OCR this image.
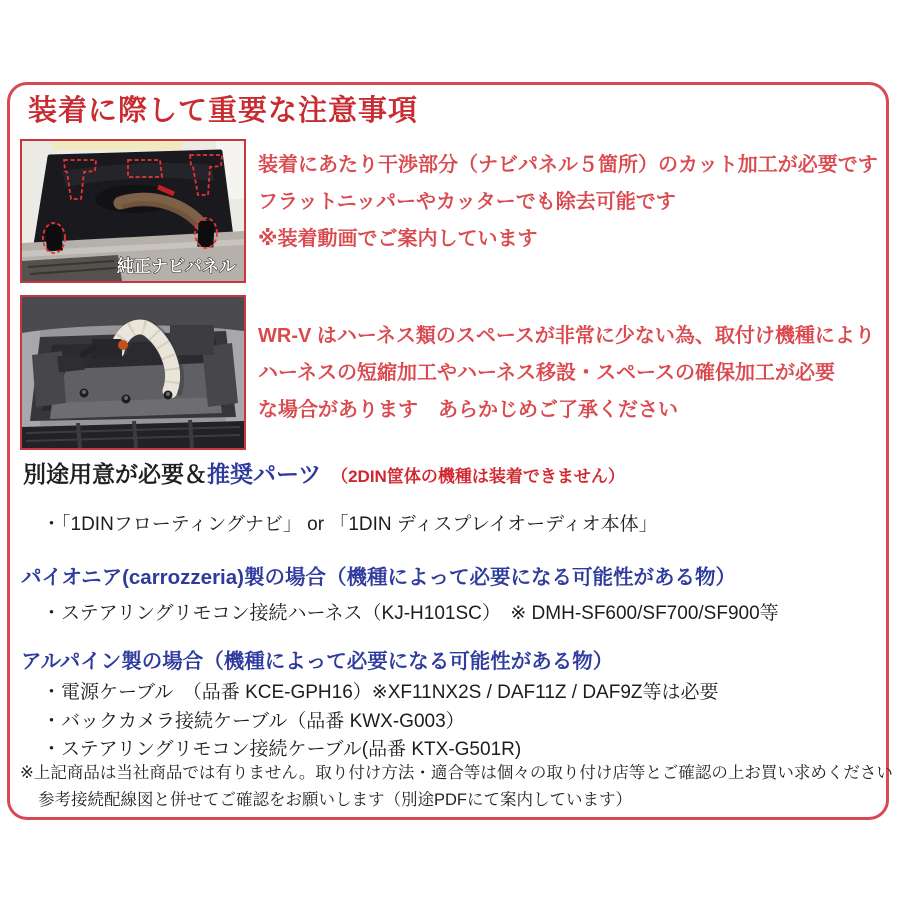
装着に際して重要な注意事項
純正ナビパネル
装着にあたり干渉部分（ナビパネル５箇所）のカット加工が必要です
フラットニッパーやカッターでも除去可能です
※装着動画でご案内しています
WR-V はハーネス類のスペースが非常に少ない為、取付け機種により
ハーネスの短縮加工やハーネス移設・スペースの確保加工が必要
な場合があります　あらかじめご了承ください
別途用意が必要＆ 推奨パーツ （2DIN筐体の機種は装着できません）
・「1DINフローティングナビ」 or 「1DIN ディスプレイオーディオ本体」
パイオニア(carrozzeria)製の場合（機種によって必要になる可能性がある物）
・ステアリングリモコン接続ハーネス（KJ-H101SC）　※ DMH-SF600/SF700/SF900等
アルパイン製の場合（機種によって必要になる可能性がある物）
・電源ケーブル　（品番 KCE-GPH16）※XF11NX2S / DAF11Z / DAF9Z等は必要
・バックカメラ接続ケーブル（品番 KWX-G003）
・ステアリングリモコン接続ケーブル(品番 KTX-G501R)
※上記商品は当社商品では有りません。取り付け方法・適合等は個々の取り付け店等とご確認の上お買い求めください
参考接続配線図と併せてご確認をお願いします（別途PDFにて案内しています）
